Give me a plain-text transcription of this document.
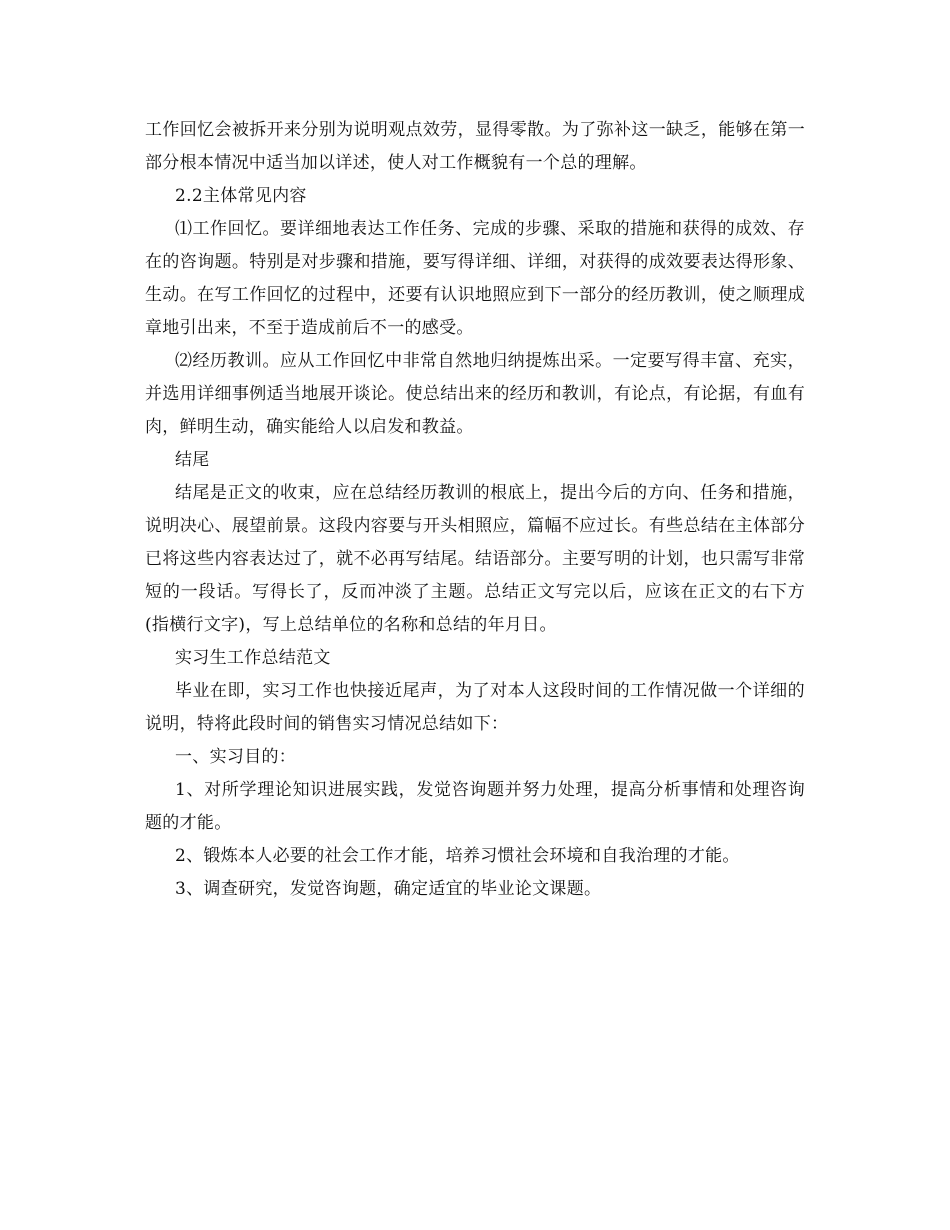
工作回忆会被拆开来分别为说明观点效劳，显得零散。为了弥补这一缺乏，能够在第一部分根本情况中适当加以详述，使人对工作概貌有一个总的理解。

2.2主体常见内容

⑴工作回忆。要详细地表达工作任务、完成的步骤、采取的措施和获得的成效、存在的咨询题。特别是对步骤和措施，要写得详细、详细，对获得的成效要表达得形象、生动。在写工作回忆的过程中，还要有认识地照应到下一部分的经历教训，使之顺理成章地引出来，不至于造成前后不一的感受。

⑵经历教训。应从工作回忆中非常自然地归纳提炼出采。一定要写得丰富、充实，并选用详细事例适当地展开谈论。使总结出来的经历和教训，有论点，有论据，有血有肉，鲜明生动，确实能给人以启发和教益。

结尾

结尾是正文的收束，应在总结经历教训的根底上，提出今后的方向、任务和措施，说明决心、展望前景。这段内容要与开头相照应，篇幅不应过长。有些总结在主体部分已将这些内容表达过了，就不必再写结尾。结语部分。主要写明的计划，也只需写非常短的一段话。写得长了，反而冲淡了主题。总结正文写完以后，应该在正文的右下方(指横行文字)，写上总结单位的名称和总结的年月日。

实习生工作总结范文

毕业在即，实习工作也快接近尾声，为了对本人这段时间的工作情况做一个详细的说明，特将此段时间的销售实习情况总结如下：

一、实习目的：

1、对所学理论知识进展实践，发觉咨询题并努力处理，提高分析事情和处理咨询题的才能。

2、锻炼本人必要的社会工作才能，培养习惯社会环境和自我治理的才能。

3、调查研究，发觉咨询题，确定适宜的毕业论文课题。
